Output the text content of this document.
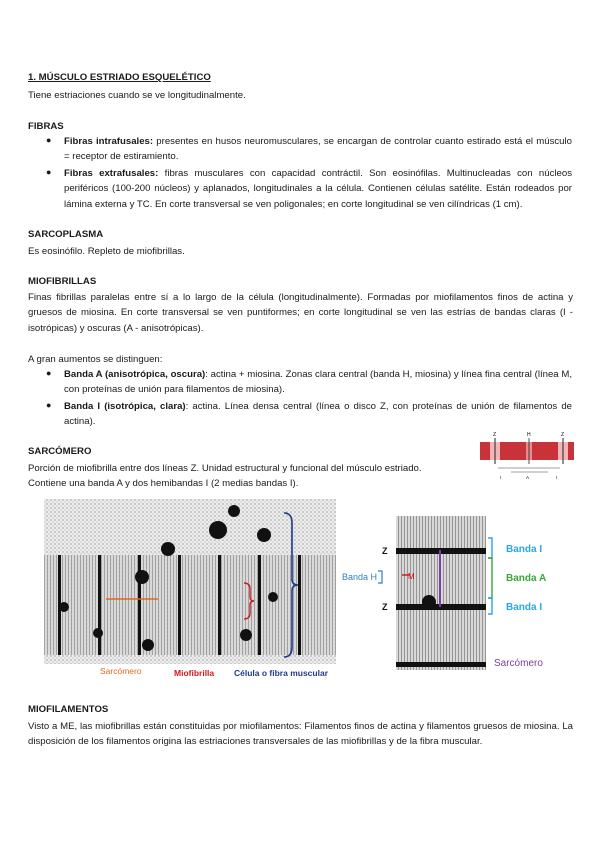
1. MÚSCULO ESTRIADO ESQUELÉTICO
Tiene estriaciones cuando se ve longitudinalmente.
FIBRAS
● Fibras intrafusales: presentes en husos neuromusculares, se encargan de controlar cuanto estirado está el músculo = receptor de estiramiento.
● Fibras extrafusales: fibras musculares con capacidad contráctil. Son eosinófilas. Multinucleadas con núcleos periféricos (100-200 núcleos) y aplanados, longitudinales a la célula. Contienen células satélite. Están rodeados por lámina externa y TC. En corte transversal se ven poligonales; en corte longitudinal se ven cilíndricas (1 cm).
SARCOPLASMA
Es eosinófilo. Repleto de miofibrillas.
MIOFIBRILLAS
Finas fibrillas paralelas entre sí a lo largo de la célula (longitudinalmente). Formadas por miofilamentos finos de actina y gruesos de miosina. En corte transversal se ven puntiformes; en corte longitudinal se ven las estrías de bandas claras (I - isotrópicas) y oscuras (A - anisotrópicas).
A gran aumentos se distinguen:
● Banda A (anisotrópica, oscura): actina + miosina. Zonas clara central (banda H, miosina) y línea fina central (línea M, con proteínas de unión para filamentos de miosina).
● Banda I (isotrópica, clara): actina. Línea densa central (línea o disco Z, con proteínas de unión de filamentos de actina).
SARCÓMERO
Porción de miofibrilla entre dos líneas Z. Unidad estructural y funcional del músculo estriado.
Contiene una banda A y dos hemibandas I (2 medias bandas I).
Z	H	Z
A
I	I
Sarcómero	Miofibrilla Célula o fibra muscular
Z
Z
M
Banda H
Banda I
Banda A
Banda I
Sarcómero
MIOFILAMENTOS
Visto a ME, las miofibrillas están constituidas por miofilamentos: Filamentos finos de actina y filamentos gruesos de miosina. La disposición de los filamentos origina las estriaciones transversales de las miofibrillas y de la fibra muscular.
